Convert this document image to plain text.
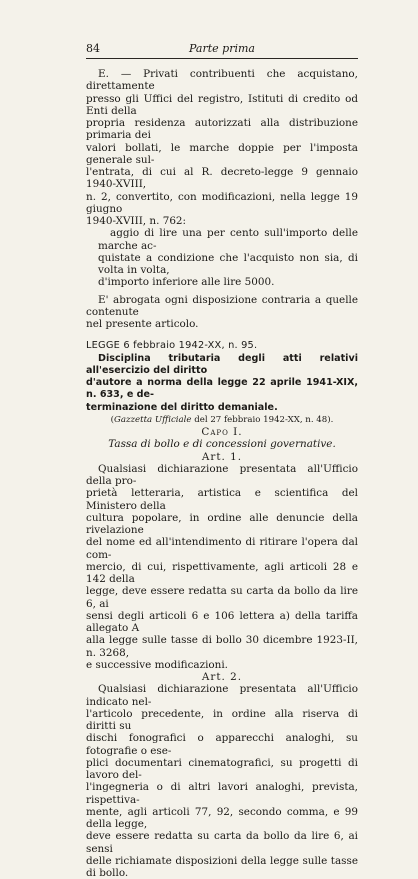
84	Parte prima

E. — Privati contribuenti che acquistano, direttamente

presso gli Uffici del registro, Istituti di credito od Enti della

propria residenza autorizzati alla distribuzione primaria dei

valori bollati, le marche doppie per l'imposta generale sul-

l'entrata, di cui al R. decreto-legge 9 gennaio 1940-XVIII,

n. 2, convertito, con modificazioni, nella legge 19 giugno

1940-XVIII, n. 762:

aggio di lire una per cento sull'importo delle marche ac-

quistate a condizione che l'acquisto non sia, di volta in volta,

d'importo inferiore alle lire 5000.

E' abrogata ogni disposizione contraria a quelle contenute

nel presente articolo.

LEGGE 6 febbraio 1942-XX, n. 95.

Disciplina tributaria degli atti relativi all'esercizio del diritto

d'autore a norma della legge 22 aprile 1941-XIX, n. 633, e de-

terminazione del diritto demaniale.

(Gazzetta Ufficiale del 27 febbraio 1942-XX, n. 48).

Capo I.

Tassa di bollo e di concessioni governative.

Art. 1.

Qualsiasi dichiarazione presentata all'Ufficio della pro-

prietà letteraria, artistica e scientifica del Ministero della

cultura popolare, in ordine alle denuncie della rivelazione

del nome ed all'intendimento di ritirare l'opera dal com-

mercio, di cui, rispettivamente, agli articoli 28 e 142 della

legge, deve essere redatta su carta da bollo da lire 6, ai

sensi degli articoli 6 e 106 lettera a) della tariffa allegato A

alla legge sulle tasse di bollo 30 dicembre 1923-II, n. 3268,

e successive modificazioni.

Art. 2.

Qualsiasi dichiarazione presentata all'Ufficio indicato nel-

l'articolo precedente, in ordine alla riserva di diritti su

dischi fonografici o apparecchi analoghi, su fotografie o ese-

plici documentari cinematografici, su progetti di lavoro del-

l'ingegneria o di altri lavori analoghi, prevista, rispettiva-

mente, agli articoli 77, 92, secondo comma, e 99 della legge,

deve essere redatta su carta da bollo da lire 6, ai sensi

delle richiamate disposizioni della legge sulle tasse di bollo.
